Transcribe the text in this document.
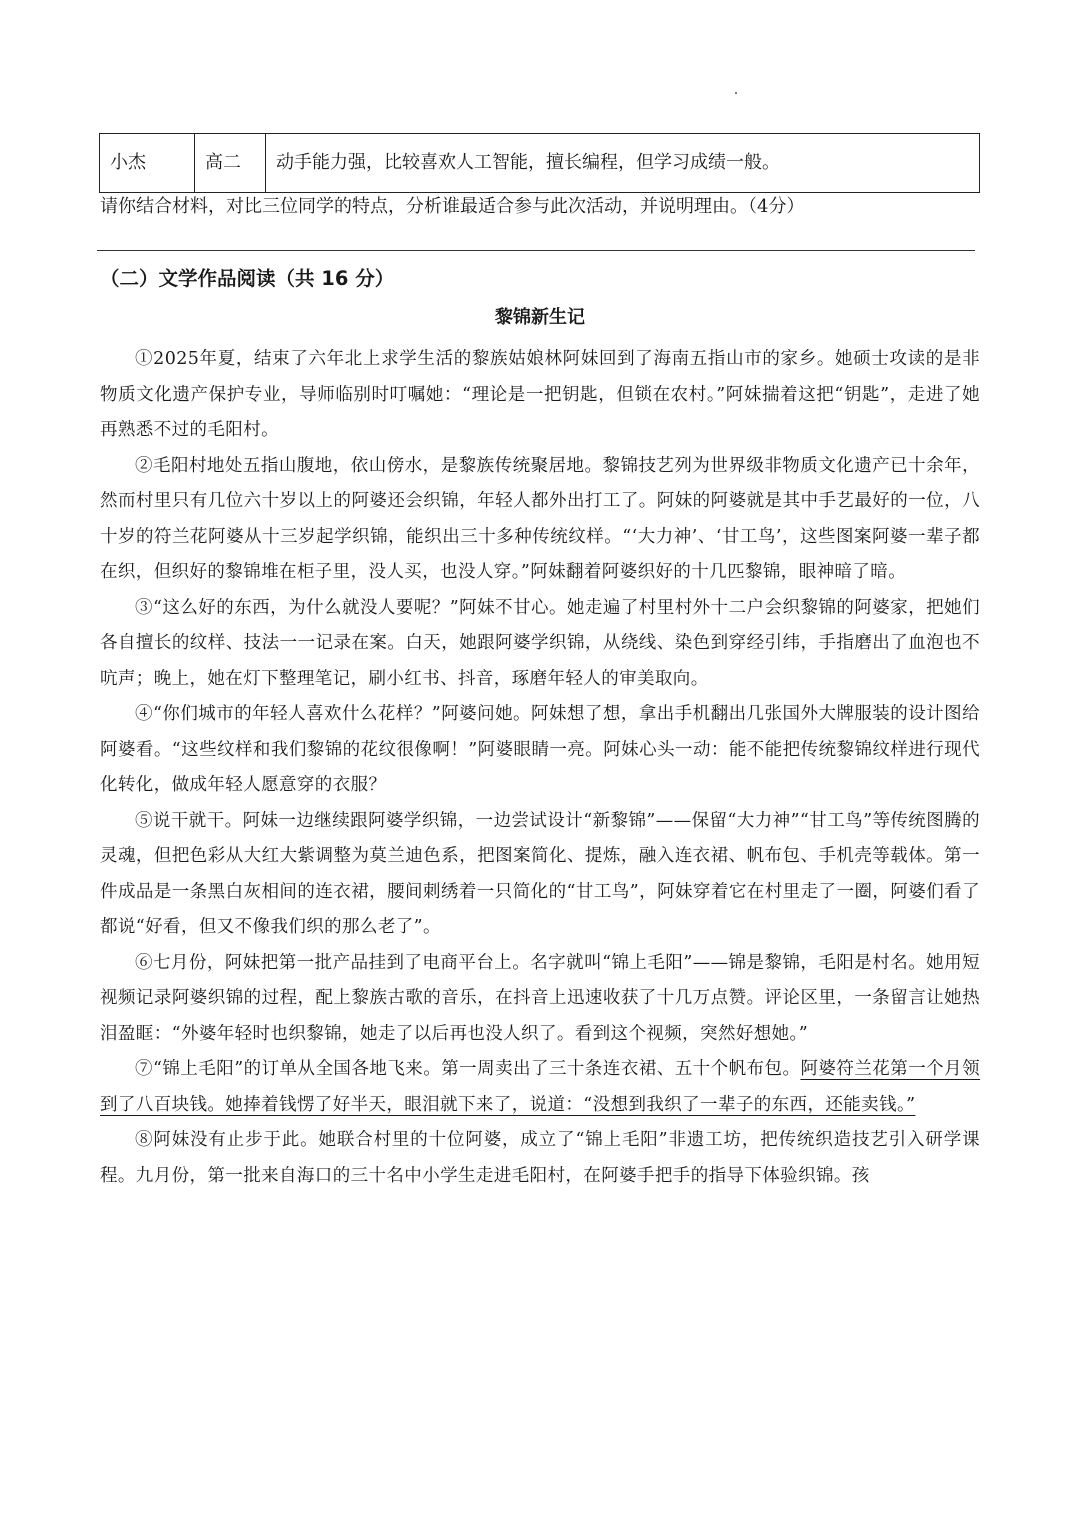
小杰	高二	动手能力强，比较喜欢人工智能，擅长编程，但学习成绩一般。
请你结合材料，对比三位同学的特点，分析谁最适合参与此次活动，并说明理由。（4分）
（二）文学作品阅读（共 16 分）
黎锦新生记

①2025年夏，结束了六年北上求学生活的黎族姑娘林阿妹回到了海南五指山市的家乡。她硕士攻读的是非物质文化遗产保护专业，导师临别时叮嘱她：“理论是一把钥匙，但锁在农村。”阿妹揣着这把“钥匙”，走进了她再熟悉不过的毛阳村。

②毛阳村地处五指山腹地，依山傍水，是黎族传统聚居地。黎锦技艺列为世界级非物质文化遗产已十余年，然而村里只有几位六十岁以上的阿婆还会织锦，年轻人都外出打工了。阿妹的阿婆就是其中手艺最好的一位，八十岁的符兰花阿婆从十三岁起学织锦，能织出三十多种传统纹样。“‘大力神’、‘甘工鸟’，这些图案阿婆一辈子都在织，但织好的黎锦堆在柜子里，没人买，也没人穿。”阿妹翻着阿婆织好的十几匹黎锦，眼神暗了暗。

③“这么好的东西，为什么就没人要呢？”阿妹不甘心。她走遍了村里村外十二户会织黎锦的阿婆家，把她们各自擅长的纹样、技法一一记录在案。白天，她跟阿婆学织锦，从绕线、染色到穿经引纬，手指磨出了血泡也不吭声；晚上，她在灯下整理笔记，刷小红书、抖音，琢磨年轻人的审美取向。

④“你们城市的年轻人喜欢什么花样？”阿婆问她。阿妹想了想，拿出手机翻出几张国外大牌服装的设计图给阿婆看。“这些纹样和我们黎锦的花纹很像啊！”阿婆眼睛一亮。阿妹心头一动：能不能把传统黎锦纹样进行现代化转化，做成年轻人愿意穿的衣服？

⑤说干就干。阿妹一边继续跟阿婆学织锦，一边尝试设计“新黎锦”——保留“大力神”“甘工鸟”等传统图腾的灵魂，但把色彩从大红大紫调整为莫兰迪色系，把图案简化、提炼，融入连衣裙、帆布包、手机壳等载体。第一件成品是一条黑白灰相间的连衣裙，腰间刺绣着一只简化的“甘工鸟”，阿妹穿着它在村里走了一圈，阿婆们看了都说“好看，但又不像我们织的那么老了”。

⑥七月份，阿妹把第一批产品挂到了电商平台上。名字就叫“锦上毛阳”——锦是黎锦，毛阳是村名。她用短视频记录阿婆织锦的过程，配上黎族古歌的音乐，在抖音上迅速收获了十几万点赞。评论区里，一条留言让她热泪盈眶：“外婆年轻时也织黎锦，她走了以后再也没人织了。看到这个视频，突然好想她。”

⑦“锦上毛阳”的订单从全国各地飞来。第一周卖出了三十条连衣裙、五十个帆布包。阿婆符兰花第一个月领到了八百块钱。她捧着钱愣了好半天，眼泪就下来了，说道：“没想到我织了一辈子的东西，还能卖钱。”

⑧阿妹没有止步于此。她联合村里的十位阿婆，成立了“锦上毛阳”非遗工坊，把传统织造技艺引入研学课程。九月份，第一批来自海口的三十名中小学生走进毛阳村，在阿婆手把手的指导下体验织锦。孩
